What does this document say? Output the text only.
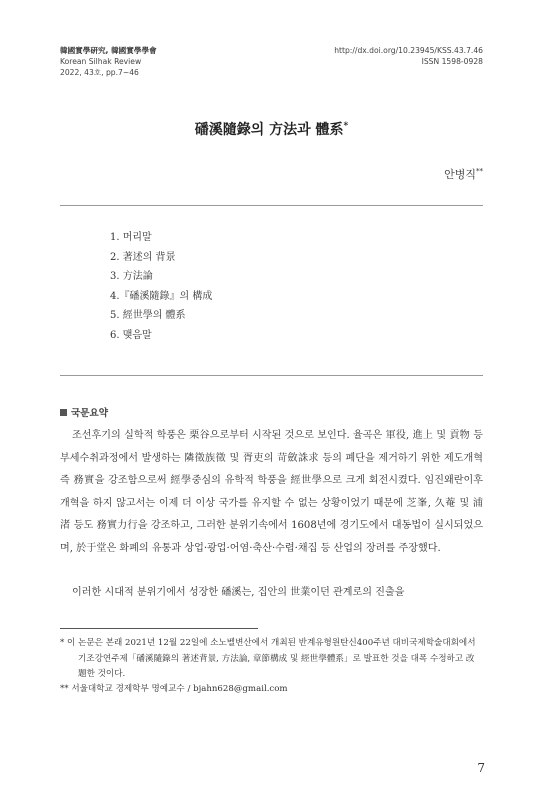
韓國實學硏究, 韓國實學學會
Korean Silhak Review
2022, 43호, pp.7~46
http://dx.doi.org/10.23945/KSS.43.7.46
ISSN 1598-0928
磻溪隨錄의 方法과 體系*
안병직**
1. 머리말
2. 著述의 背景
3. 方法論
4.『磻溪隨錄』의 構成
5. 經世學의 體系
6. 맺음말
국문요약

조선후기의 실학적 학풍은 栗谷으로부터 시작된 것으로 보인다. 율곡은 軍役, 進上 및 貢物 등 부세수취과정에서 발생하는 隣徵族徵 및 胥吏의 苛斂誅求 등의 폐단을 제거하기 위한 제도개혁 즉 務實을 강조함으로써 經學중심의 유학적 학풍을 經世學으로 크게 회전시켰다. 임진왜란이후 개혁을 하지 않고서는 이제 더 이상 국가를 유지할 수 없는 상황이었기 때문에 芝峯, 久菴 및 浦渚 등도 務實力行을 강조하고, 그러한 분위기속에서 1608년에 경기도에서 대동법이 실시되었으며, 於于堂은 화폐의 유통과 상업·광업·어염·축산·수렵·채집 등 산업의 장려를 주장했다.

이러한 시대적 분위기에서 성장한 磻溪는, 집안의 世業이던 관계로의 진출을

* 이 논문은 본래 2021년 12월 22일에 소노벨변산에서 개최된 반계유형원탄신400주년 대비국제학술대회에서 기조강연주제「磻溪隨錄의 著述背景, 方法論, 章節構成 및 經世學體系」로 발표한 것을 대폭 수정하고 改題한 것이다.
** 서울대학교 경제학부 명예교수 / bjahn628@gmail.com
7
